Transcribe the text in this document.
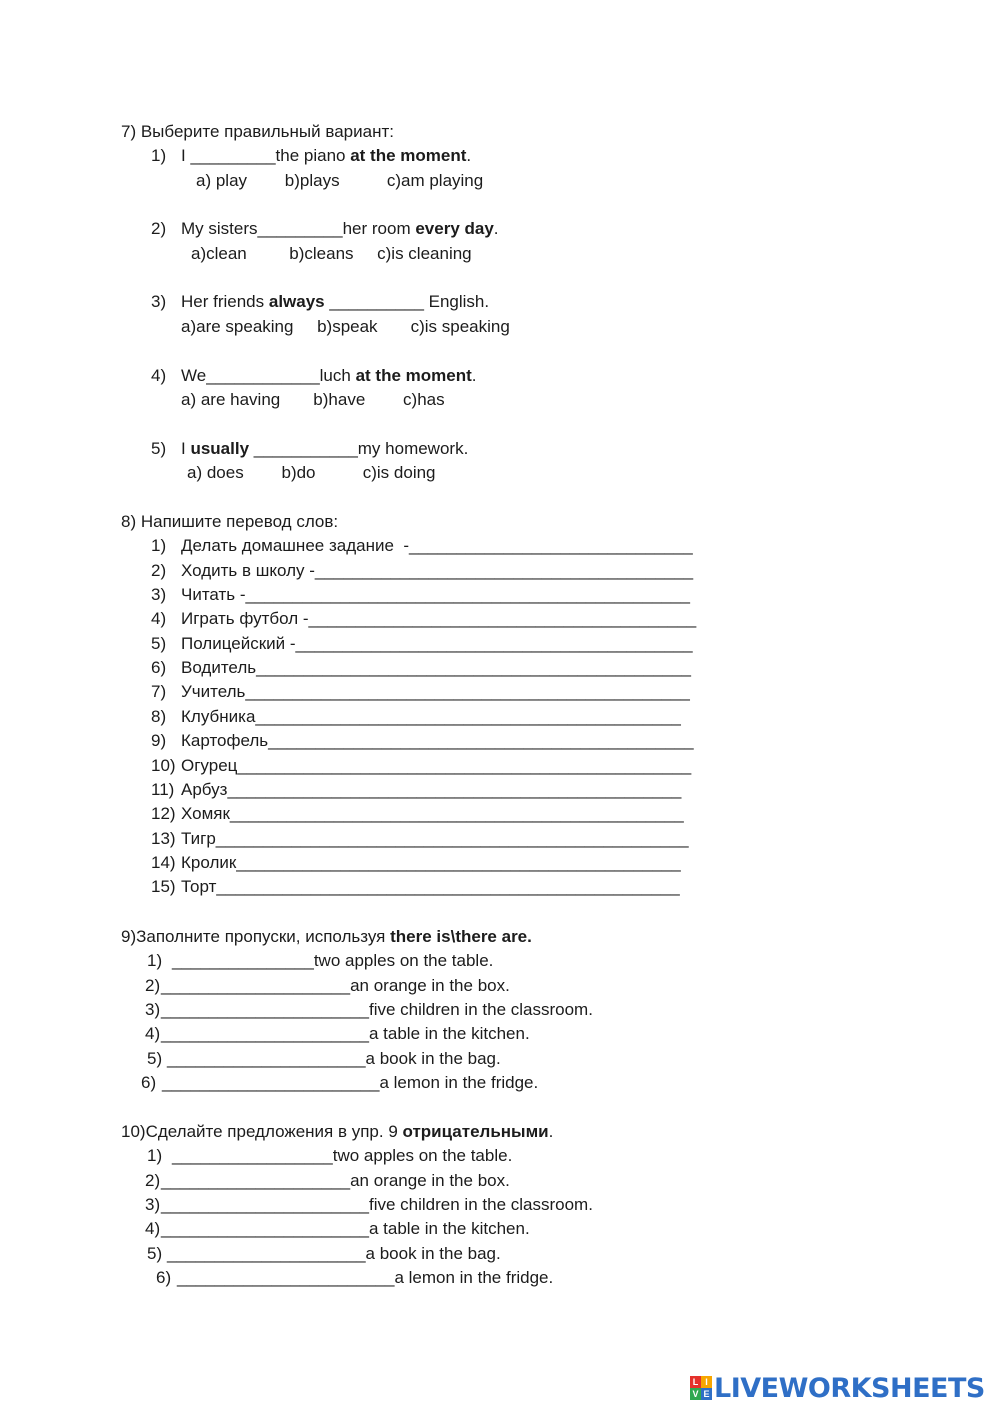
7) Выберите правильный вариант:
1) I _________the piano at the moment.
a) play        b)plays          c)am playing
2) My sisters_________her room every day.
a)clean         b)cleans     c)is cleaning
3) Her friends always __________ English.
a)are speaking     b)speak       c)is speaking
4) We____________luch at the moment.
a) are having       b)have        c)has
5) I usually ___________my homework.
a) does        b)do          c)is doing
8) Напишите перевод слов:
1) Делать домашнее задание  -______________________________
2) Ходить в школу -________________________________________
3) Читать -_______________________________________________
4) Играть футбол -_________________________________________
5) Полицейский -__________________________________________
6) Водитель______________________________________________
7) Учитель_______________________________________________
8) Клубника_____________________________________________
9) Картофель_____________________________________________
10) Огурец________________________________________________
11) Арбуз________________________________________________
12) Хомяк________________________________________________
13) Тигр__________________________________________________
14) Кролик_______________________________________________
15) Торт_________________________________________________
9)Заполните пропуски, используя there is\there are.
1) _______________two apples on the table.
2) ____________________an orange in the box.
3) ______________________five children in the classroom.
4) ______________________a table in the kitchen.
5) _____________________a book in the bag.
6) _______________________a lemon in the fridge.
10)Сделайте предложения в упр. 9 отрицательными.
1) _________________two apples on the table.
2) ____________________an orange in the box.
3) ______________________five children in the classroom.
4) ______________________a table in the kitchen.
5) _____________________a book in the bag.
6) _______________________a lemon in the fridge.
L I
V E LIVEWORKSHEETS
